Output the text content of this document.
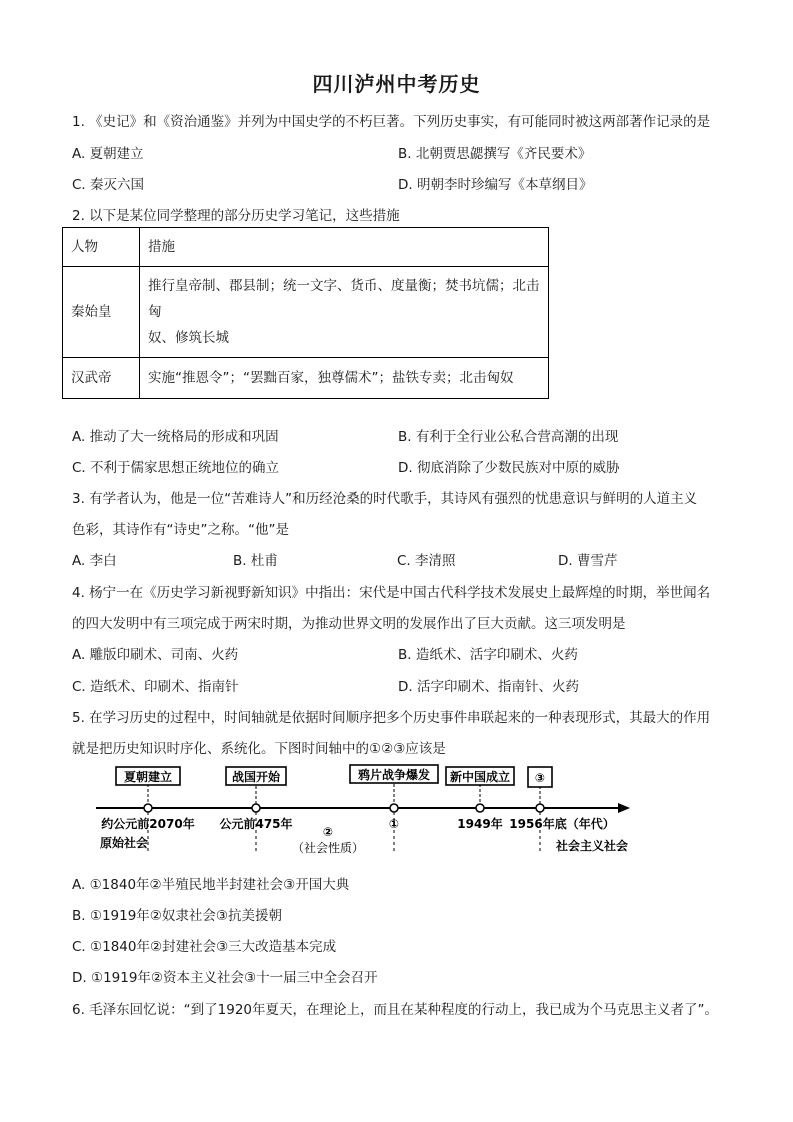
四川泸州中考历史
1. 《史记》和《资治通鉴》并列为中国史学的不朽巨著。下列历史事实，有可能同时被这两部著作记录的是
A. 夏朝建立	B. 北朝贾思勰撰写《齐民要术》
C. 秦灭六国	D. 明朝李时珍编写《本草纲目》
2. 以下是某位同学整理的部分历史学习笔记，这些措施
人物	措施
秦始皇	推行皇帝制、郡县制；统一文字、货币、度量衡；焚书坑儒；北击匈
奴、修筑长城

汉武帝	实施“推恩令”；“罢黜百家，独尊儒术”；盐铁专卖；北击匈奴
A. 推动了大一统格局的形成和巩固	B. 有利于全行业公私合营高潮的出现
C. 不利于儒家思想正统地位的确立	D. 彻底消除了少数民族对中原的威胁
3. 有学者认为，他是一位“苦难诗人”和历经沧桑的时代歌手，其诗风有强烈的忧患意识与鲜明的人道主义
色彩，其诗作有“诗史”之称。“他”是
A. 李白	B. 杜甫	C. 李清照	D. 曹雪芹
4. 杨宁一在《历史学习新视野新知识》中指出：宋代是中国古代科学技术发展史上最辉煌的时期，举世闻名
的四大发明中有三项完成于两宋时期，为推动世界文明的发展作出了巨大贡献。这三项发明是
A. 雕版印刷术、司南、火药	B. 造纸术、活字印刷术、火药
C. 造纸术、印刷术、指南针	D. 活字印刷术、指南针、火药
5. 在学习历史的过程中，时间轴就是依据时间顺序把多个历史事件串联起来的一种表现形式，其最大的作用
就是把历史知识时序化、系统化。下图时间轴中的①②③应该是
夏朝建立	战国开始	鸦片战争爆发 新中国成立 ③
约公元前2070年 公元前475年	①	1949年 1956年底（年代）
原始社会
②
（社会性质）	社会主义社会
A. ①1840年②半殖民地半封建社会③开国大典
B. ①1919年②奴隶社会③抗美援朝
C. ①1840年②封建社会③三大改造基本完成
D. ①1919年②资本主义社会③十一届三中全会召开
6. 毛泽东回忆说：“到了1920年夏天，在理论上，而且在某种程度的行动上，我已成为个马克思主义者了”。
